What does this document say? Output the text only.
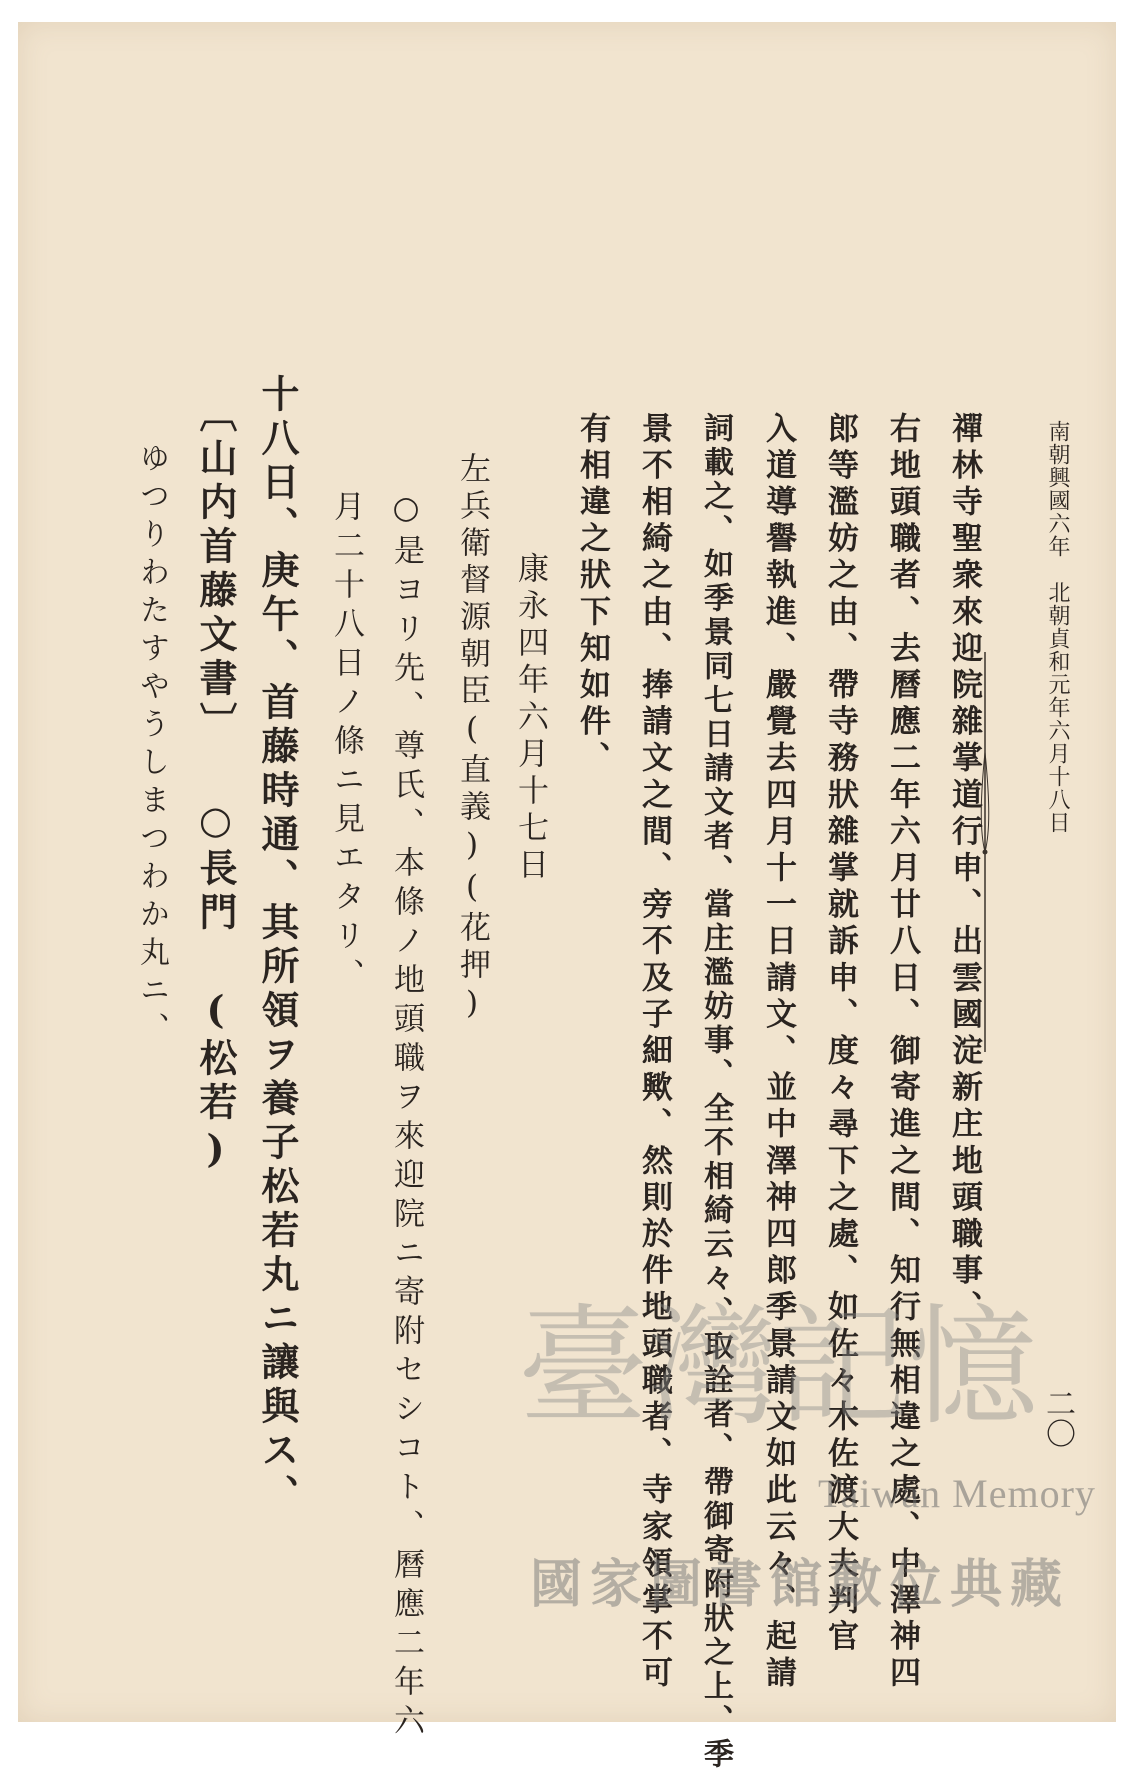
南朝興國六年　北朝貞和元年六月十八日
二〇
禪林寺聖衆來迎院雜掌道行申、出雲國淀新庄地頭職事、
右地頭職者、去曆應二年六月廿八日、御寄進之間、知行無相違之處、中澤神四
郎等濫妨之由、帶寺務狀雜掌就訴申、度々尋下之處、如佐々木佐渡大夫判官
入道導譽執進、嚴覺去四月十一日請文、並中澤神四郎季景請文如此云々、起請
詞載之、如季景同七日請文者、當庄濫妨事、全不相綺云々、取詮者、帶御寄附狀之上、季
景不相綺之由、捧請文之間、旁不及子細歟、然則於件地頭職者、寺家領掌不可
有相違之狀下知如件、
康永四年六月十七日
左兵衛督源朝臣(直義)(花押)
○是ヨリ先、尊氏、本條ノ地頭職ヲ來迎院ニ寄附セシコト、曆應二年六
月二十八日ノ條ニ見エタリ、
十八日、庚午、首藤時通、其所領ヲ養子松若丸ニ讓與ス、
〔山内首藤文書〕 ○長門 (松若)
ゆつりわたすやうしまつわか丸ニ、
臺灣記憶
Taiwan Memory
國家圖書館數位典藏
